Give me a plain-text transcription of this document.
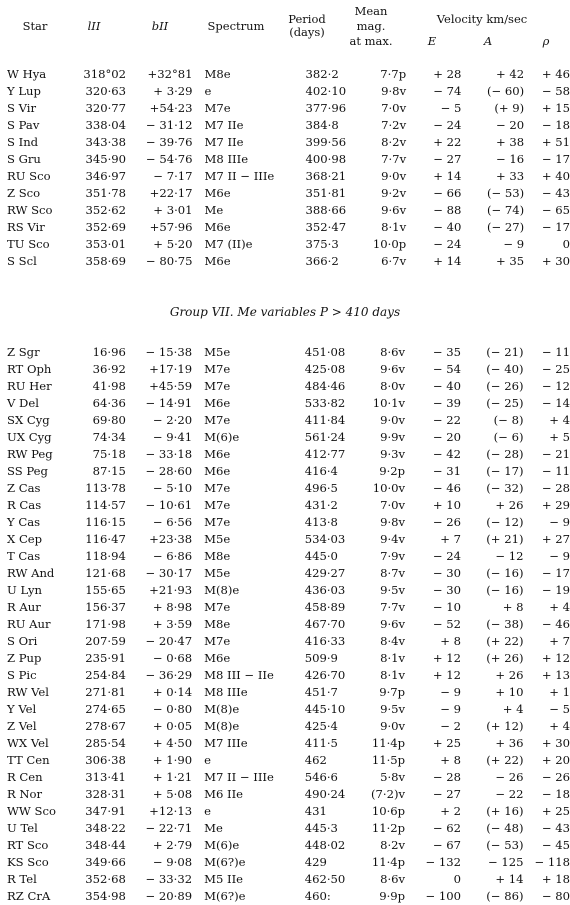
Star	lII	bII	Spectrum	Period
(days)
Mean
mag.
at max.
Velocity km/sec
E	A	ρ
W Hya	318°02	+32°81	M8e	382·2	7·7p	+ 28	+ 42	+ 46
Y Lup	320·63	+ 3·29	e	402·10	9·8v	− 74	(− 60)	− 58
S Vir	320·77	+54·23	M7e	377·96	7·0v	− 5	(+ 9)	+ 15
S Pav	338·04	− 31·12	M7 IIe	384·8	7·2v	− 24	− 20	− 18
S Ind	343·38	− 39·76	M7 IIe	399·56	8·2v	+ 22	+ 38	+ 51
S Gru	345·90	− 54·76	M8 IIIe	400·98	7·7v	− 27	− 16	− 17
RU Sco	346·97	− 7·17	M7 II − IIIe	368·21	9·0v	+ 14	+ 33	+ 40
Z Sco	351·78	+22·17	M6e	351·81	9·2v	− 66	(− 53)	− 43
RW Sco	352·62	+ 3·01	Me	388·66	9·6v	− 88	(− 74)	− 65
RS Vir	352·69	+57·96	M6e	352·47	8·1v	− 40	(− 27)	− 17
TU Sco	353·01	+ 5·20	M7 (II)e	375·3	10·0p	− 24	− 9	0
S Scl	358·69	− 80·75	M6e	366·2	6·7v	+ 14	+ 35	+ 30
Group VII. Me variables P > 410 days
Z Sgr	16·96	− 15·38	M5e	451·08	8·6v	− 35	(− 21)	− 11
RT Oph	36·92	+17·19	M7e	425·08	9·6v	− 54	(− 40)	− 25
RU Her	41·98	+45·59	M7e	484·46	8·0v	− 40	(− 26)	− 12
V Del	64·36	− 14·91	M6e	533·82	10·1v	− 39	(− 25)	− 14
SX Cyg	69·80	− 2·20	M7e	411·84	9·0v	− 22	(− 8)	+ 4
UX Cyg	74·34	− 9·41	M(6)e	561·24	9·9v	− 20	(− 6)	+ 5
RW Peg	75·18	− 33·18	M6e	412·77	9·3v	− 42	(− 28)	− 21
SS Peg	87·15	− 28·60	M6e	416·4	9·2p	− 31	(− 17)	− 11
Z Cas	113·78	− 5·10	M7e	496·5	10·0v	− 46	(− 32)	− 28
R Cas	114·57	− 10·61	M7e	431·2	7·0v	+ 10	+ 26	+ 29
Y Cas	116·15	− 6·56	M7e	413·8	9·8v	− 26	(− 12)	− 9
X Cep	116·47	+23·38	M5e	534·03	9·4v	+ 7	(+ 21)	+ 27
T Cas	118·94	− 6·86	M8e	445·0	7·9v	− 24	− 12	− 9
RW And	121·68	− 30·17	M5e	429·27	8·7v	− 30	(− 16)	− 17
U Lyn	155·65	+21·93	M(8)e	436·03	9·5v	− 30	(− 16)	− 19
R Aur	156·37	+ 8·98	M7e	458·89	7·7v	− 10	+ 8	+ 4
RU Aur	171·98	+ 3·59	M8e	467·70	9·6v	− 52	(− 38)	− 46
S Ori	207·59	− 20·47	M7e	416·33	8·4v	+ 8	(+ 22)	+ 7
Z Pup	235·91	− 0·68	M6e	509·9	8·1v	+ 12	(+ 26)	+ 12
S Pic	254·84	− 36·29	M8 III − IIe	426·70	8·1v	+ 12	+ 26	+ 13
RW Vel	271·81	+ 0·14	M8 IIIe	451·7	9·7p	− 9	+ 10	+ 1
Y Vel	274·65	− 0·80	M(8)e	445·10	9·5v	− 9	+ 4	− 5
Z Vel	278·67	+ 0·05	M(8)e	425·4	9·0v	− 2	(+ 12)	+ 4
WX Vel	285·54	+ 4·50	M7 IIIe	411·5	11·4p	+ 25	+ 36	+ 30
TT Cen	306·38	+ 1·90	e	462	11·5p	+ 8	(+ 22)	+ 20
R Cen	313·41	+ 1·21	M7 II − IIIe	546·6	5·8v	− 28	− 26	− 26
R Nor	328·31	+ 5·08	M6 IIe	490·24	(7·2)v	− 27	− 22	− 18
WW Sco	347·91	+12·13	e	431	10·6p	+ 2	(+ 16)	+ 25
U Tel	348·22	− 22·71	Me	445·3	11·2p	− 62	(− 48)	− 43
RT Sco	348·44	+ 2·79	M(6)e	448·02	8·2v	− 67	(− 53)	− 45
KS Sco	349·66	− 9·08	M(6?)e	429	11·4p	− 132	− 125	− 118
R Tel	352·68	− 33·32	M5 IIe	462·50	8·6v	0	+ 14	+ 18
RZ CrA	354·98	− 20·89	M(6?)e	460:	9·9p	− 100	(− 86)	− 80
